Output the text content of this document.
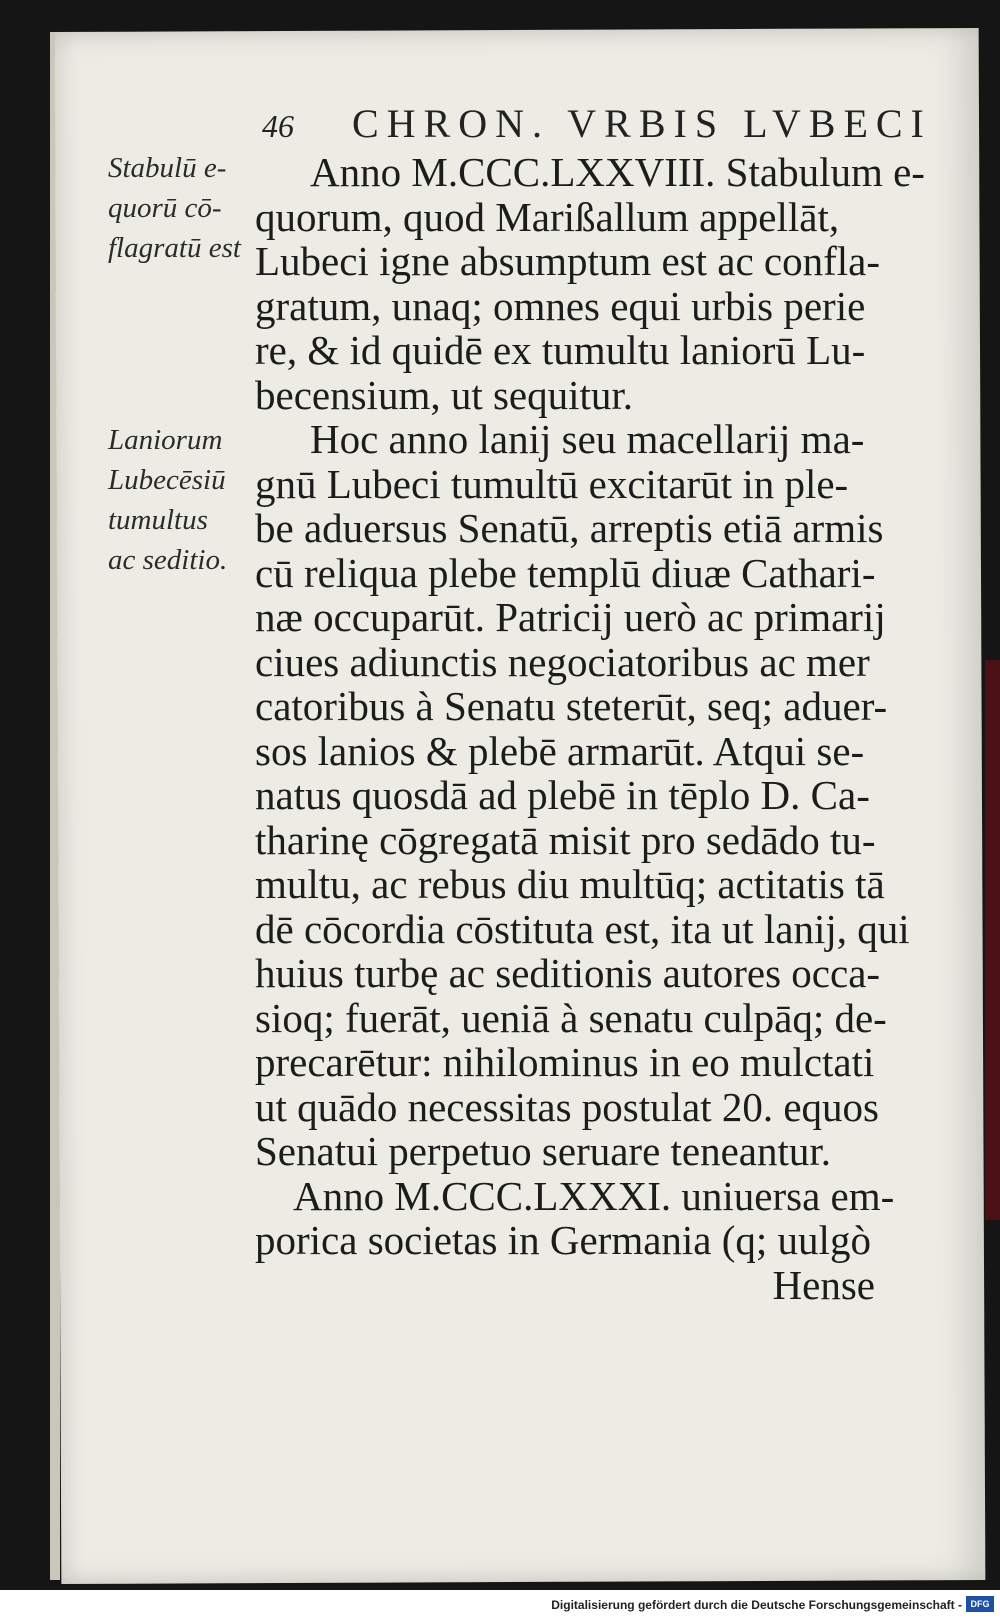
46 CHRON. VRBIS LVBECI
Stabulū e-
quorū cō-
flagratū est
Laniorum
Lubecēsiū
tumultus
ac seditio.
Anno M.CCC.LXXVIII. Stabulum e-
quorum, quod Marißallum appellāt,
Lubeci igne absumptum est ac confla-
gratum, unaq; omnes equi urbis perie
re, & id quidē ex tumultu laniorū Lu-
becensium, ut sequitur.
Hoc anno lanij seu macellarij ma-
gnū Lubeci tumultū excitarūt in ple-
be aduersus Senatū, arreptis etiā armis
cū reliqua plebe templū diuæ Cathari-
næ occuparūt. Patricij uerò ac primarij
ciues adiunctis negociatoribus ac mer
catoribus à Senatu steterūt, seq; aduer-
sos lanios & plebē armarūt. Atqui se-
natus quosdā ad plebē in tēplo D. Ca-
tharinę cōgregatā misit pro sedādo tu-
multu, ac rebus diu multūq; actitatis tā
dē cōcordia cōstituta est, ita ut lanij, qui
huius turbę ac seditionis autores occa-
sioq; fuerāt, ueniā à senatu culpāq; de-
precarētur: nihilominus in eo mulctati
ut quādo necessitas postulat 20. equos
Senatui perpetuo seruare teneantur.
Anno M.CCC.LXXXI. uniuersa em-
porica societas in Germania (q; uulgò
Hense
Digitalisierung gefördert durch die Deutsche Forschungsgemeinschaft - DFG
